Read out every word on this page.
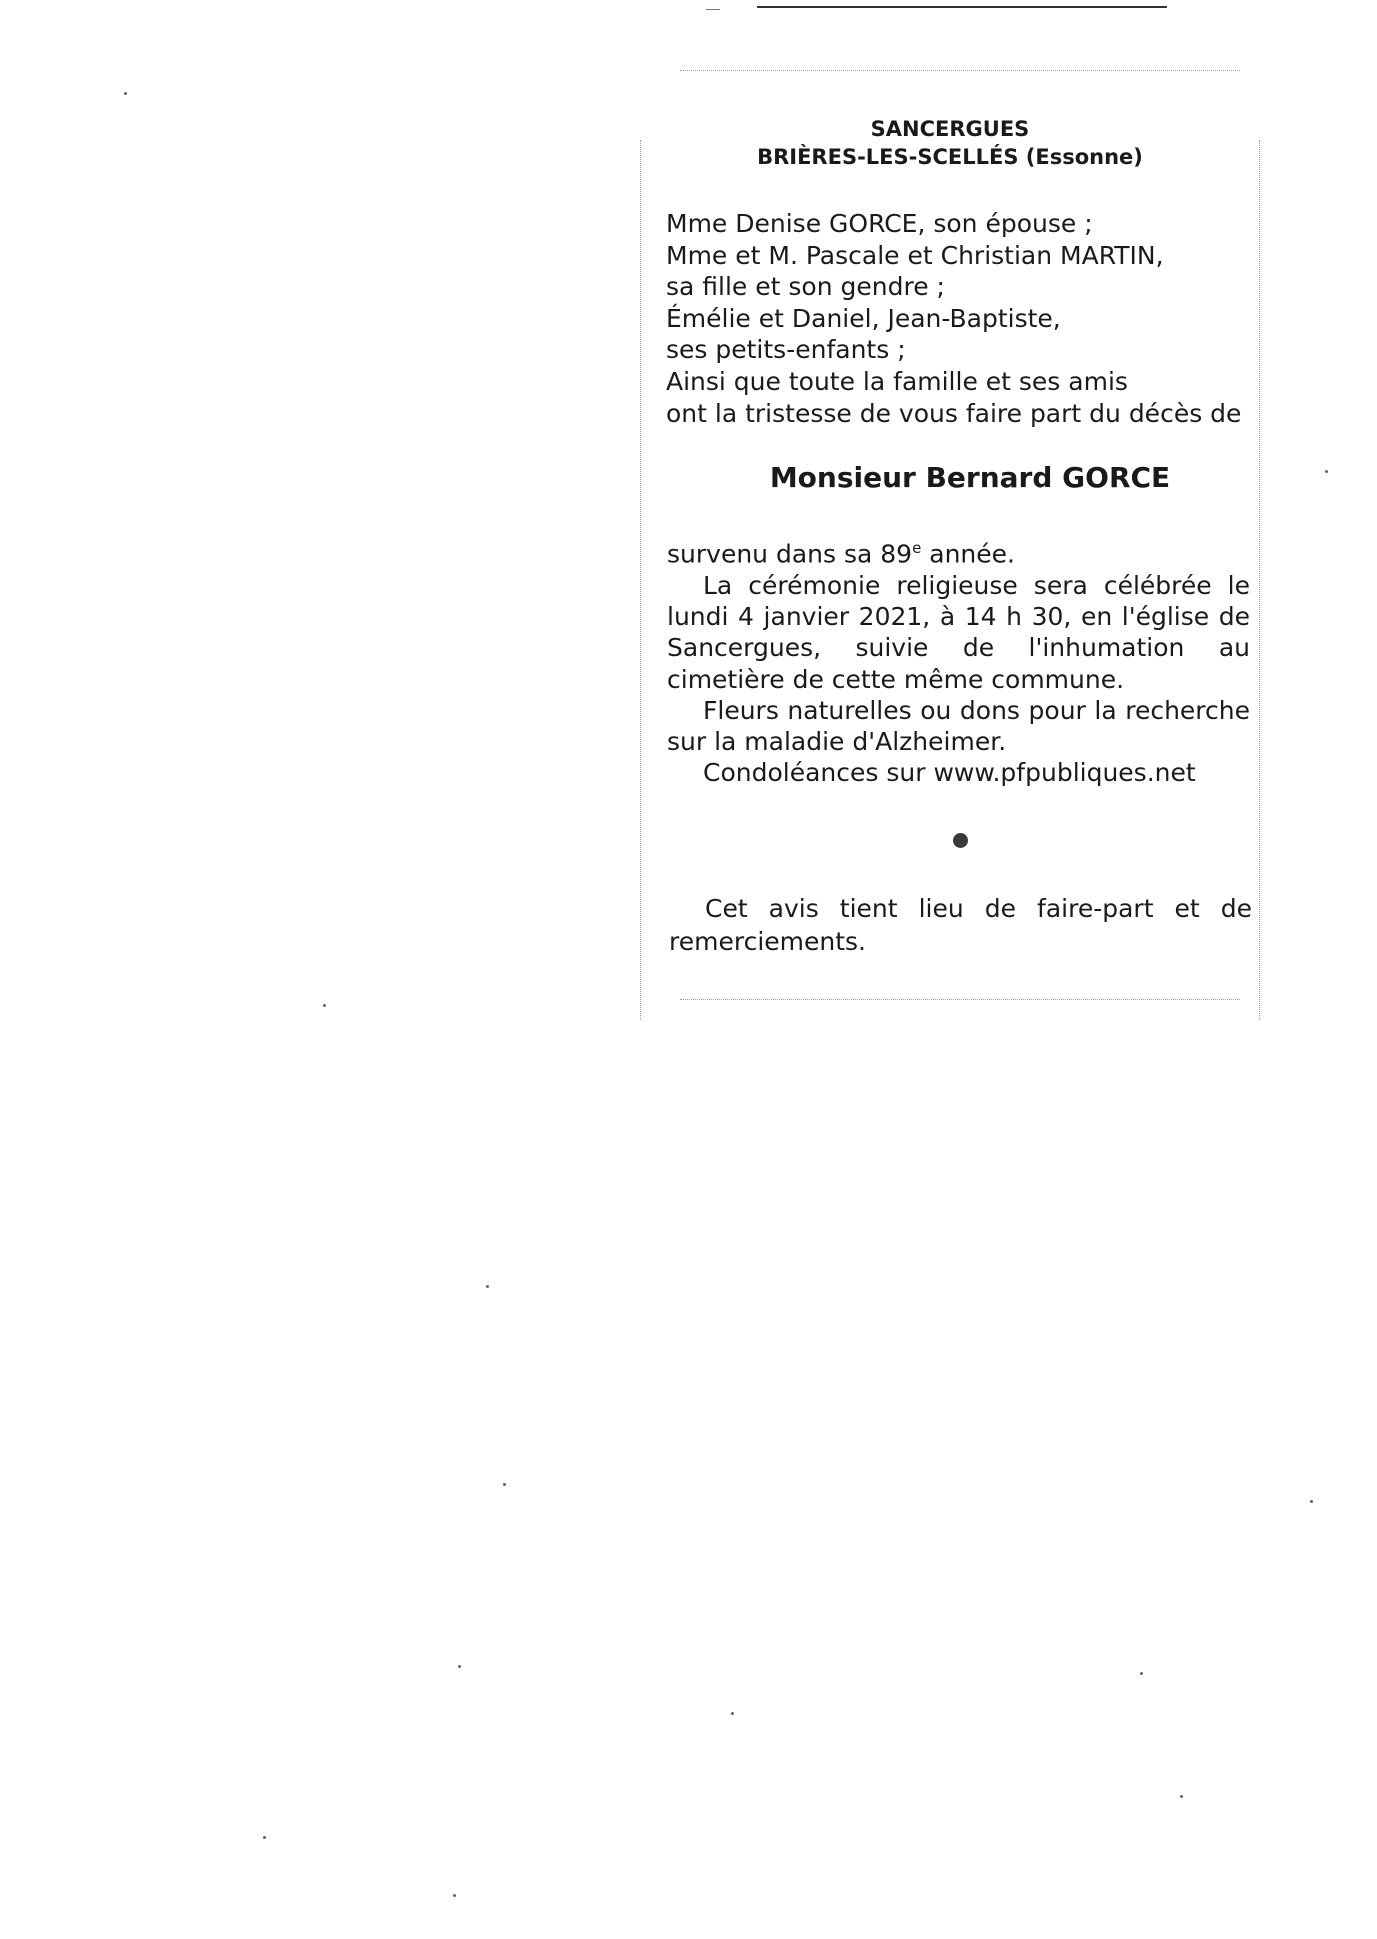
SANCERGUES
BRIÈRES-LES-SCELLÉS (Essonne)
Mme Denise GORCE, son épouse ;
Mme et M. Pascale et Christian MARTIN,
sa fille et son gendre ;
Émélie et Daniel, Jean-Baptiste,
ses petits-enfants ;
Ainsi que toute la famille et ses amis
ont la tristesse de vous faire part du décès de
Monsieur Bernard GORCE

survenu dans sa 89e année.

La cérémonie religieuse sera célébrée le lundi 4 janvier 2021, à 14 h 30, en l'église de Sancergues, suivie de l'inhumation au cimetière de cette même commune.

Fleurs naturelles ou dons pour la recherche sur la maladie d'Alzheimer.

Condoléances sur www.pfpubliques.net

Cet avis tient lieu de faire-part et de remerciements.
